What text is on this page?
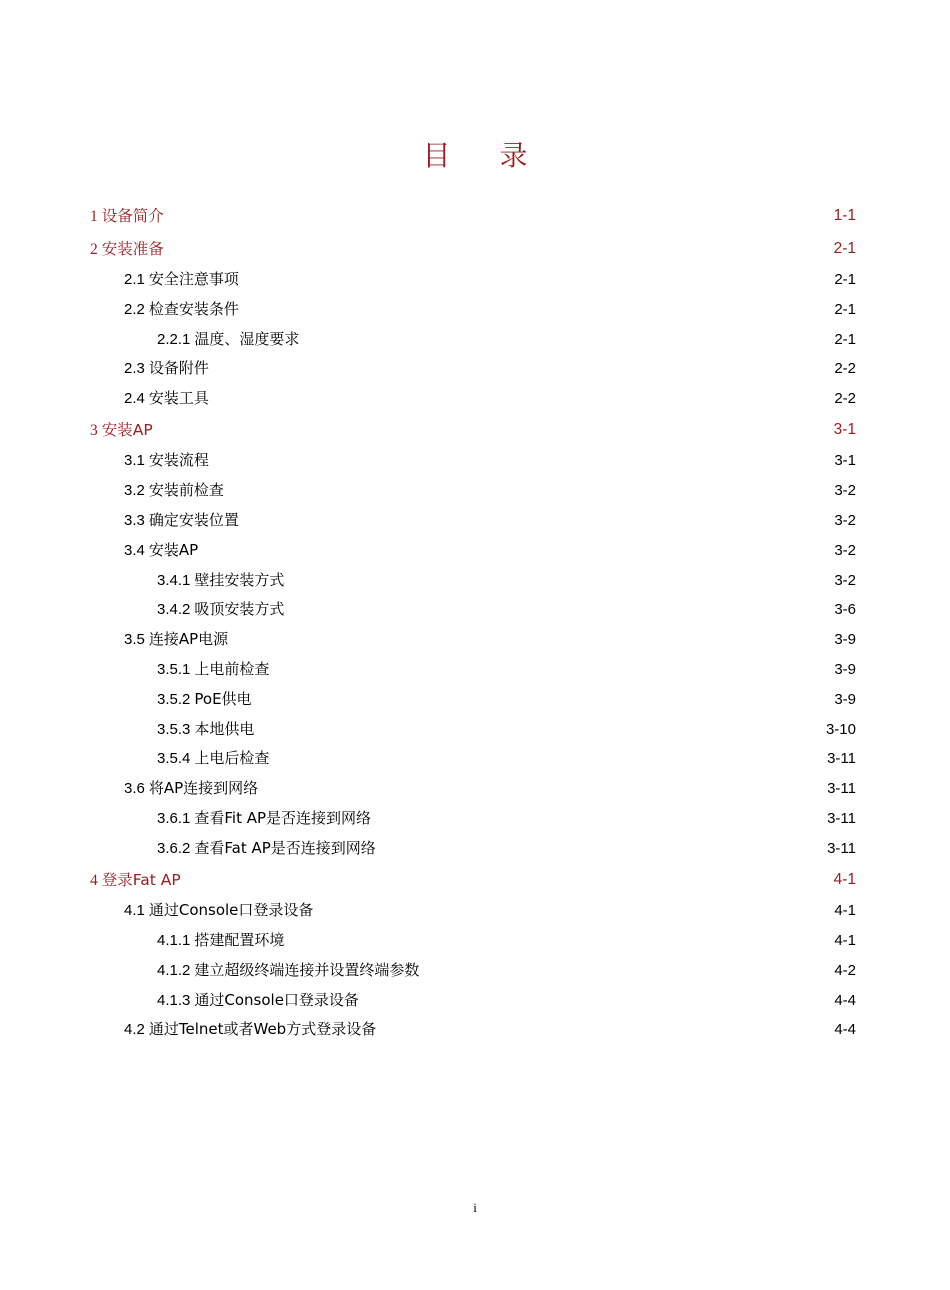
目 录
1 设备简介	1-1
2 安装准备	2-1
2.1 安全注意事项	2-1
2.2 检查安装条件	2-1
2.2.1 温度、湿度要求	2-1
2.3 设备附件	2-2
2.4 安装工具	2-2
3 安装AP	3-1
3.1 安装流程	3-1
3.2 安装前检查	3-2
3.3 确定安装位置	3-2
3.4 安装AP	3-2
3.4.1 壁挂安装方式	3-2
3.4.2 吸顶安装方式	3-6
3.5 连接AP电源	3-9
3.5.1 上电前检查	3-9
3.5.2 PoE供电	3-9
3.5.3 本地供电	3-10
3.5.4 上电后检查	3-11
3.6 将AP连接到网络	3-11
3.6.1 查看Fit AP是否连接到网络	3-11
3.6.2 查看Fat AP是否连接到网络	3-11
4 登录Fat AP	4-1
4.1 通过Console口登录设备	4-1
4.1.1 搭建配置环境	4-1
4.1.2 建立超级终端连接并设置终端参数	4-2
4.1.3 通过Console口登录设备	4-4
4.2 通过Telnet或者Web方式登录设备	4-4
i
